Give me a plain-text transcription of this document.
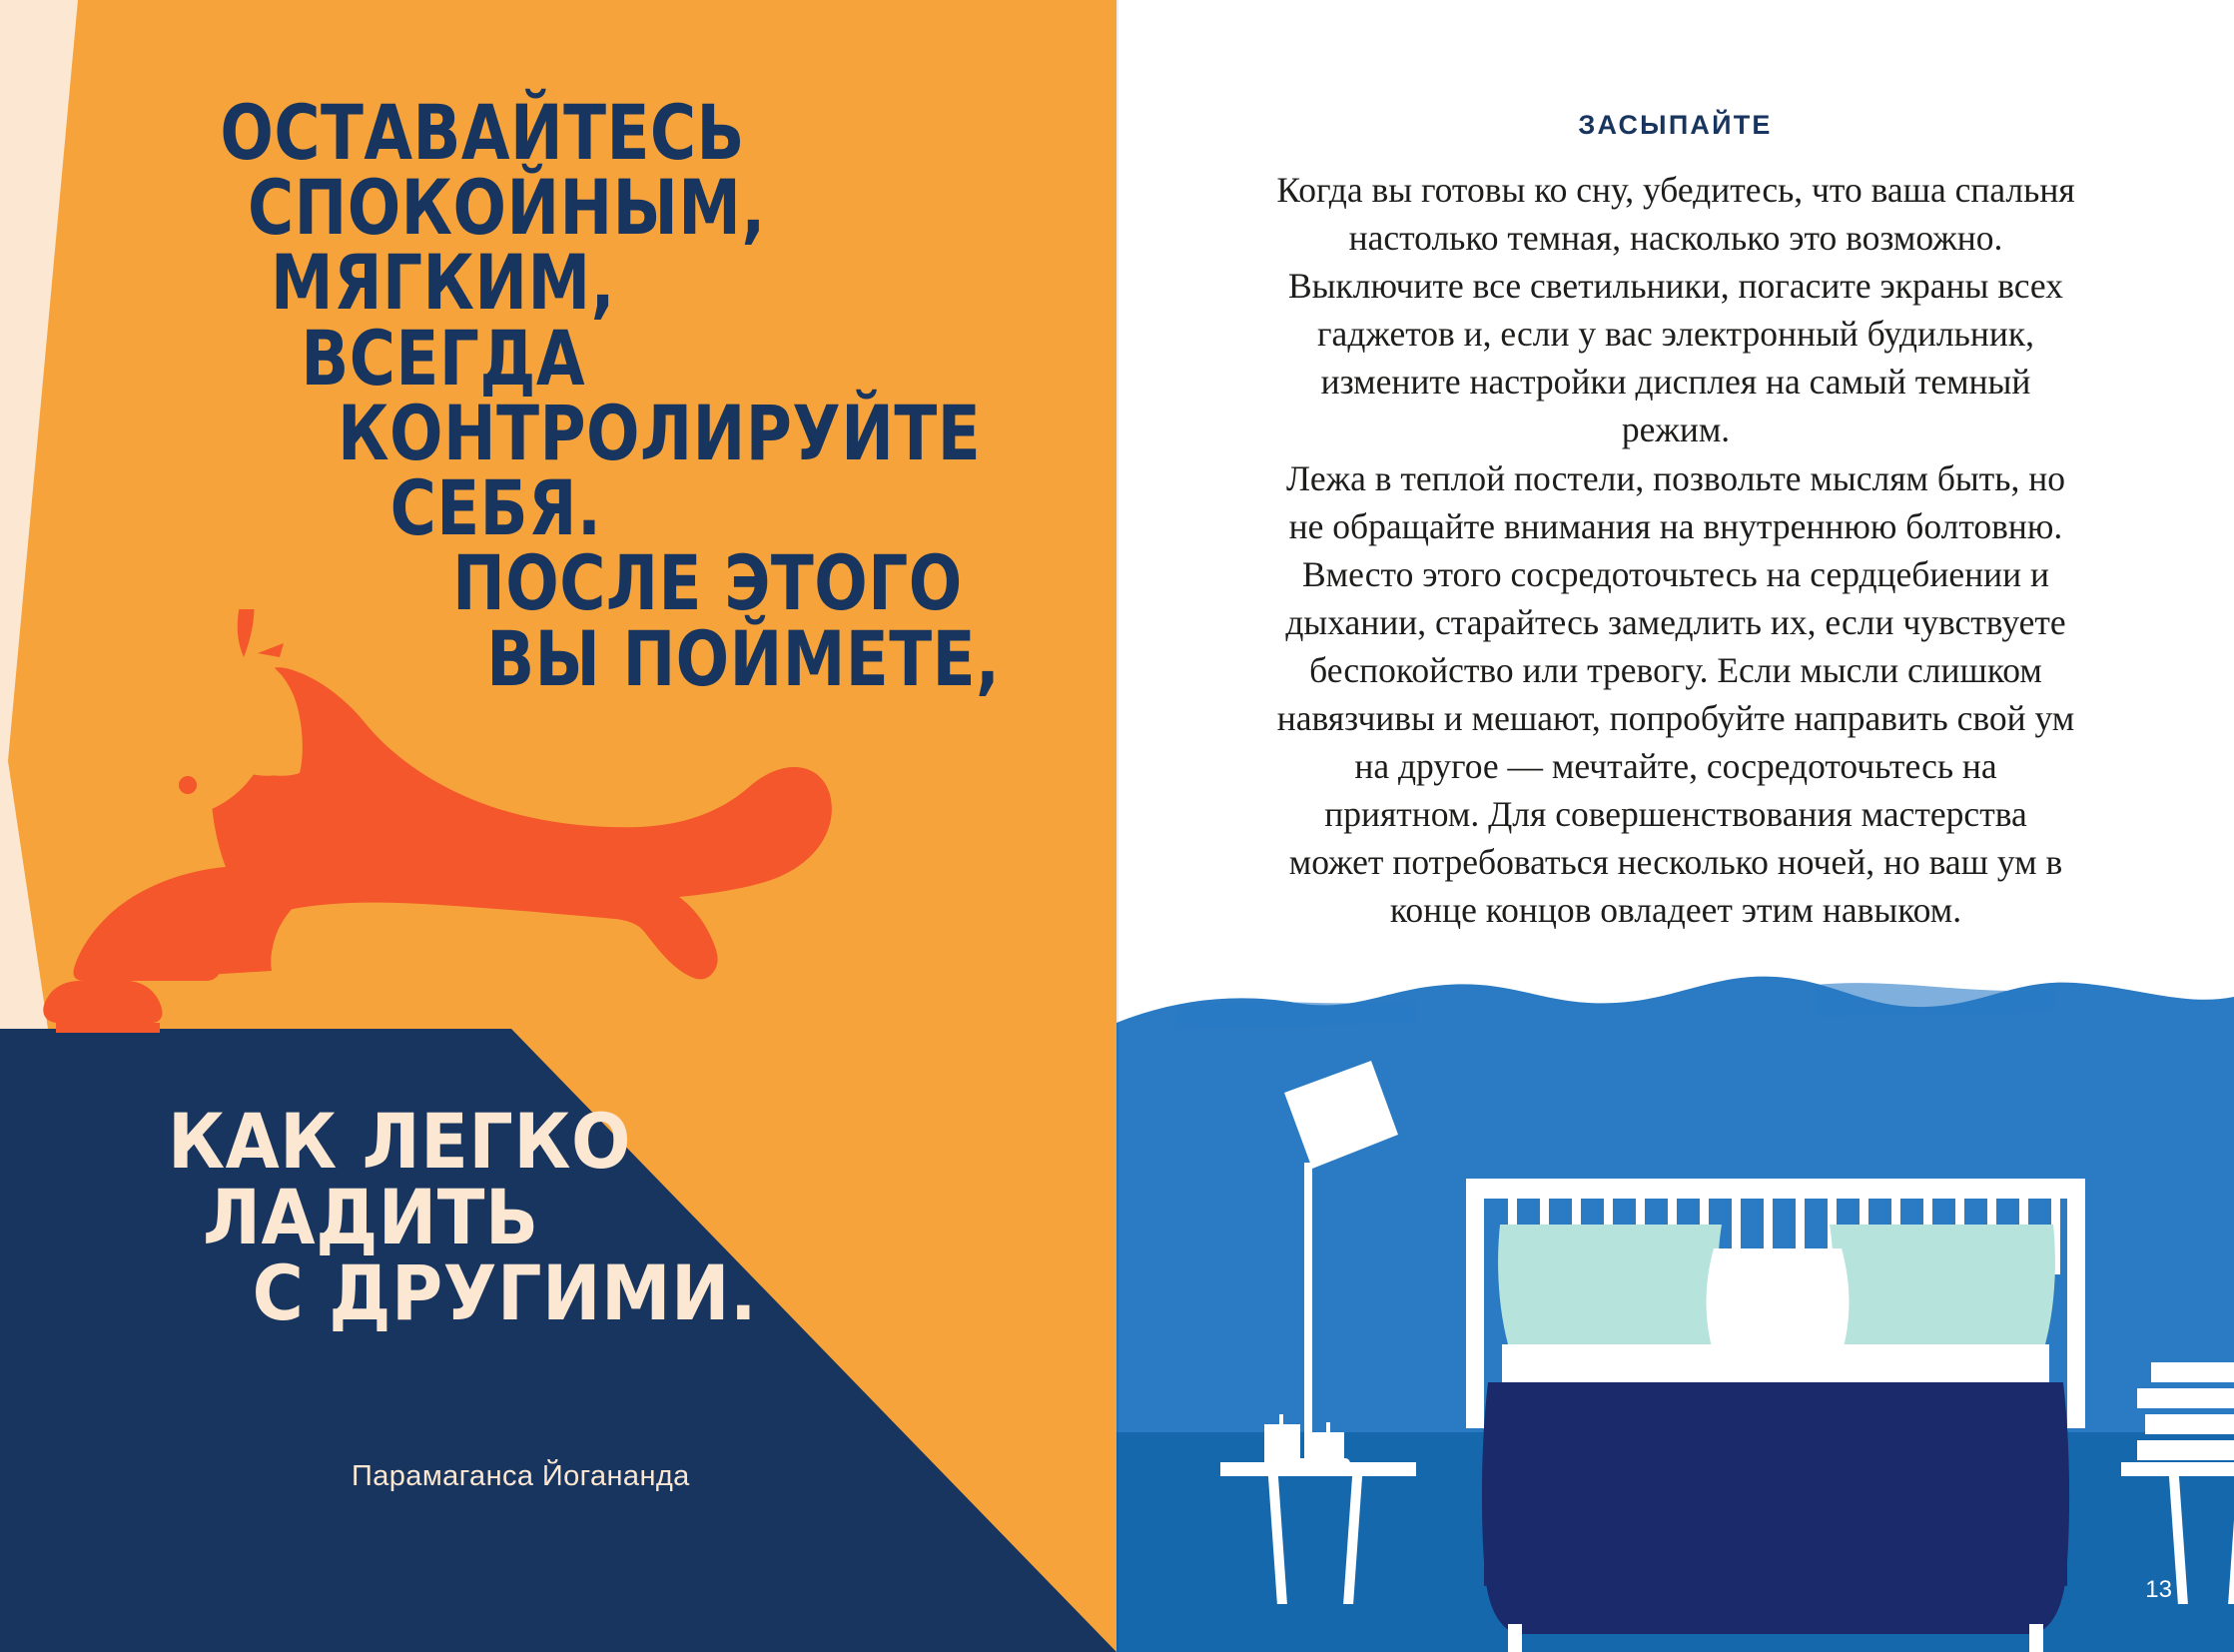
ОСТАВАЙТЕСЬ
СПОКОЙНЫМ,
МЯГКИМ,
ВСЕГДА
КОНТРОЛИРУЙТЕ
СЕБЯ.
ПОСЛЕ ЭТОГО
ВЫ ПОЙМЕТЕ,
КАК ЛЕГКО
ЛАДИТЬ
С ДРУГИМИ.
Парамаганса Йогананда
12
ЗАСЫПАЙТЕ

Когда вы готовы ко сну, убедитесь, что ваша спальня настолько темная, насколько это возможно. Выключите все светильники, погасите экраны всех гаджетов и, если у вас электронный будильник, измените настройки дисплея на самый темный режим.

Лежа в теплой постели, позвольте мыслям быть, но не обращайте внимания на внутреннюю болтовню. Вместо этого сосредоточьтесь на сердцебиении и дыхании, старайтесь замедлить их, если чувствуете беспокойство или тревогу. Если мысли слишком навязчивы и мешают, попробуйте направить свой ум на другое — мечтайте, сосредоточьтесь на приятном. Для совершенствования мастерства может потребоваться несколько ночей, но ваш ум в конце концов овладеет этим навыком.

13
